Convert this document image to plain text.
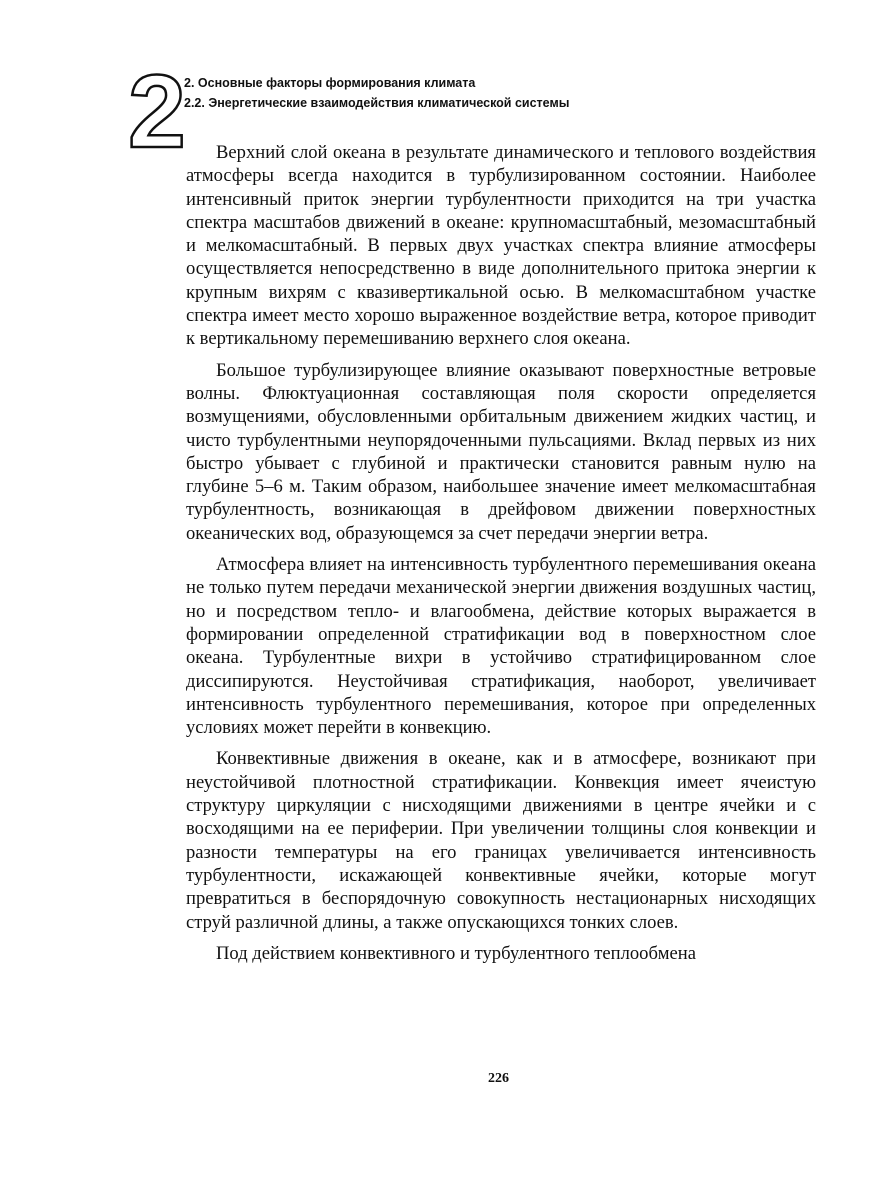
2
2. Основные факторы формирования климата
2.2. Энергетические взаимодействия климатической системы

Верхний слой океана в результате динамического и теплового воздействия атмосферы всегда находится в турбулизированном состоянии. Наиболее интенсивный приток энергии турбулентности приходится на три участка спектра масштабов движений в океане: крупномасштабный, мезомасштабный и мелкомасштабный. В первых двух участках спектра влияние атмосферы осуществляется непосредственно в виде дополнительного притока энергии к крупным вихрям с квазивертикальной осью. В мелкомасштабном участке спектра имеет место хорошо выраженное воздействие ветра, которое приводит к вертикальному перемешиванию верхнего слоя океана.

Большое турбулизирующее влияние оказывают поверхностные ветровые волны. Флюктуационная составляющая поля скорости определяется возмущениями, обусловленными орбитальным движением жидких частиц, и чисто турбулентными неупорядоченными пульсациями. Вклад первых из них быстро убывает с глубиной и практически становится равным нулю на глубине 5–6 м. Таким образом, наибольшее значение имеет мелкомасштабная турбулентность, возникающая в дрейфовом движении поверхностных океанических вод, образующемся за счет передачи энергии ветра.

Атмосфера влияет на интенсивность турбулентного перемешивания океана не только путем передачи механической энергии движения воздушных частиц, но и посредством тепло- и влагообмена, действие которых выражается в формировании определенной стратификации вод в поверхностном слое океана. Турбулентные вихри в устойчиво стратифицированном слое диссипируются. Неустойчивая стратификация, наоборот, увеличивает интенсивность турбулентного перемешивания, которое при определенных условиях может перейти в конвекцию.

Конвективные движения в океане, как и в атмосфере, возникают при неустойчивой плотностной стратификации. Конвекция имеет ячеистую структуру циркуляции с нисходящими движениями в центре ячейки и с восходящими на ее периферии. При увеличении толщины слоя конвекции и разности температуры на его границах увеличивается интенсивность турбулентности, искажающей конвективные ячейки, которые могут превратиться в беспорядочную совокупность нестационарных нисходящих струй различной длины, а также опускающихся тонких слоев.

Под действием конвективного и турбулентного теплообмена

226
